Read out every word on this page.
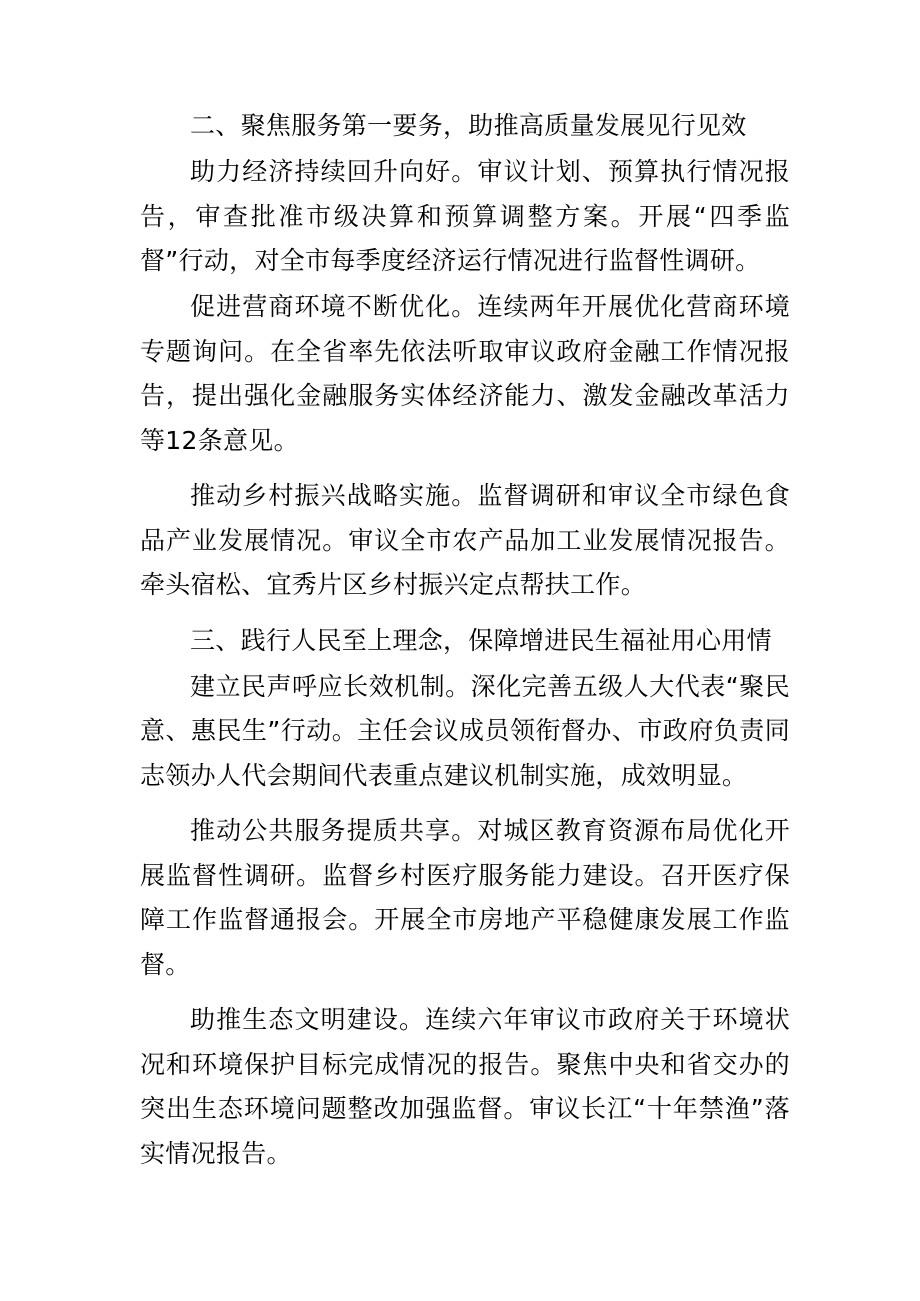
二、聚焦服务第一要务，助推高质量发展见行见效

助力经济持续回升向好。审议计划、预算执行情况报告，审查批准市级决算和预算调整方案。开展“四季监督”行动，对全市每季度经济运行情况进行监督性调研。

促进营商环境不断优化。连续两年开展优化营商环境专题询问。在全省率先依法听取审议政府金融工作情况报告，提出强化金融服务实体经济能力、激发金融改革活力等12条意见。

推动乡村振兴战略实施。监督调研和审议全市绿色食品产业发展情况。审议全市农产品加工业发展情况报告。牵头宿松、宜秀片区乡村振兴定点帮扶工作。

三、践行人民至上理念，保障增进民生福祉用心用情

建立民声呼应长效机制。深化完善五级人大代表“聚民意、惠民生”行动。主任会议成员领衔督办、市政府负责同志领办人代会期间代表重点建议机制实施，成效明显。

推动公共服务提质共享。对城区教育资源布局优化开展监督性调研。监督乡村医疗服务能力建设。召开医疗保障工作监督通报会。开展全市房地产平稳健康发展工作监督。

助推生态文明建设。连续六年审议市政府关于环境状况和环境保护目标完成情况的报告。聚焦中央和省交办的突出生态环境问题整改加强监督。审议长江“十年禁渔”落实情况报告。
